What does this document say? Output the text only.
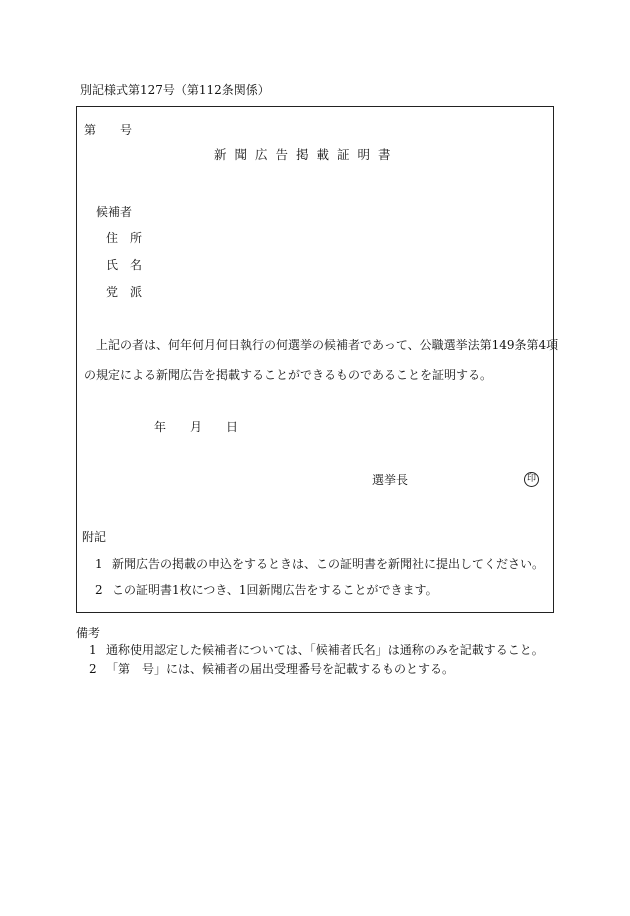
別記様式第127号（第112条関係）
第 号
新聞広告掲載証明書
候補者
住所
氏名
党派
上記の者は、何年何月何日執行の何選挙の候補者であって、公職選挙法第149条第4項
の規定による新聞広告を掲載することができるものであることを証明する。
年 月 日
選挙長	印
附記
1 新聞広告の掲載の申込をするときは、この証明書を新聞社に提出してください。
2 この証明書1枚につき、1回新聞広告をすることができます。
備考
1 通称使用認定した候補者については、「候補者氏名」は通称のみを記載すること。
2 「第　号」には、候補者の届出受理番号を記載するものとする。
